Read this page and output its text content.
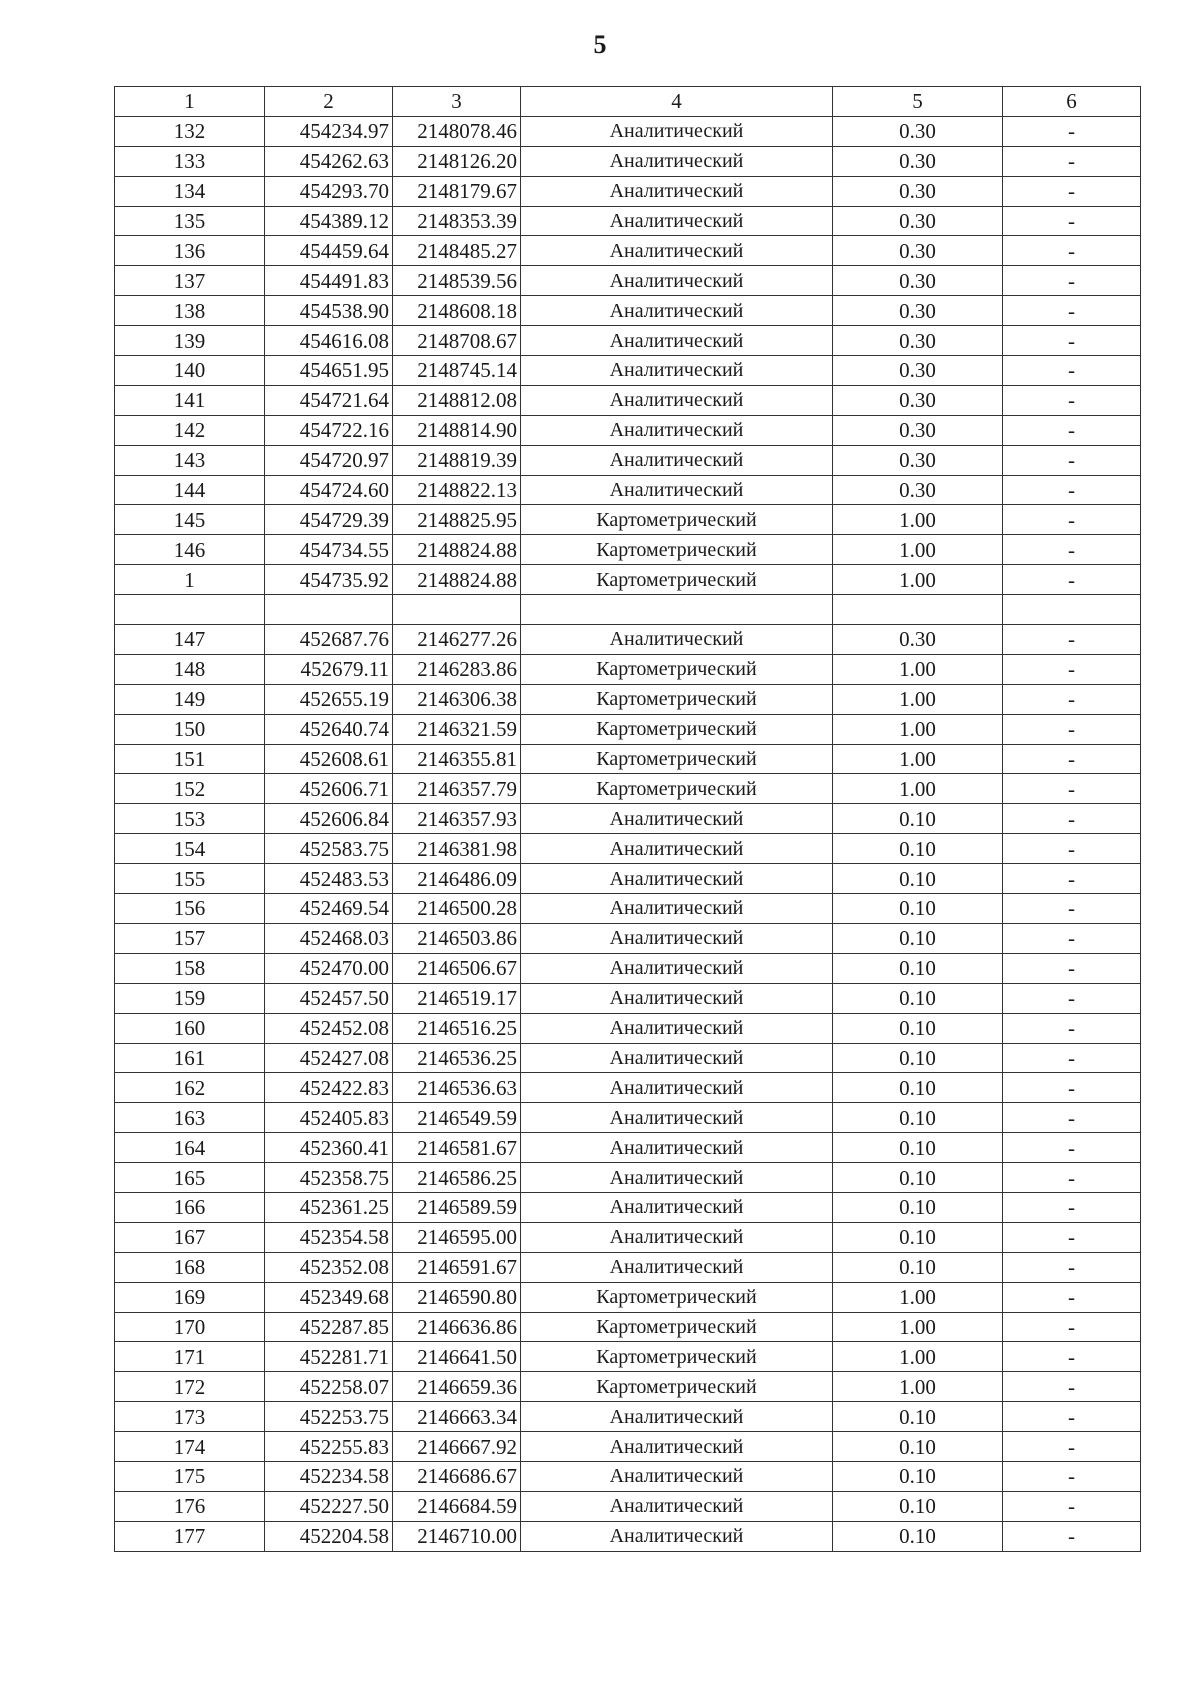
5
1	2	3	4	5	6
132	454234.97	2148078.46	Аналитический	0.30	-
133	454262.63	2148126.20	Аналитический	0.30	-
134	454293.70	2148179.67	Аналитический	0.30	-
135	454389.12	2148353.39	Аналитический	0.30	-
136	454459.64	2148485.27	Аналитический	0.30	-
137	454491.83	2148539.56	Аналитический	0.30	-
138	454538.90	2148608.18	Аналитический	0.30	-
139	454616.08	2148708.67	Аналитический	0.30	-
140	454651.95	2148745.14	Аналитический	0.30	-
141	454721.64	2148812.08	Аналитический	0.30	-
142	454722.16	2148814.90	Аналитический	0.30	-
143	454720.97	2148819.39	Аналитический	0.30	-
144	454724.60	2148822.13	Аналитический	0.30	-
145	454729.39	2148825.95	Картометрический	1.00	-
146	454734.55	2148824.88	Картометрический	1.00	-
1	454735.92	2148824.88	Картометрический	1.00	-

147	452687.76	2146277.26	Аналитический	0.30	-
148	452679.11	2146283.86	Картометрический	1.00	-
149	452655.19	2146306.38	Картометрический	1.00	-
150	452640.74	2146321.59	Картометрический	1.00	-
151	452608.61	2146355.81	Картометрический	1.00	-
152	452606.71	2146357.79	Картометрический	1.00	-
153	452606.84	2146357.93	Аналитический	0.10	-
154	452583.75	2146381.98	Аналитический	0.10	-
155	452483.53	2146486.09	Аналитический	0.10	-
156	452469.54	2146500.28	Аналитический	0.10	-
157	452468.03	2146503.86	Аналитический	0.10	-
158	452470.00	2146506.67	Аналитический	0.10	-
159	452457.50	2146519.17	Аналитический	0.10	-
160	452452.08	2146516.25	Аналитический	0.10	-
161	452427.08	2146536.25	Аналитический	0.10	-
162	452422.83	2146536.63	Аналитический	0.10	-
163	452405.83	2146549.59	Аналитический	0.10	-
164	452360.41	2146581.67	Аналитический	0.10	-
165	452358.75	2146586.25	Аналитический	0.10	-
166	452361.25	2146589.59	Аналитический	0.10	-
167	452354.58	2146595.00	Аналитический	0.10	-
168	452352.08	2146591.67	Аналитический	0.10	-
169	452349.68	2146590.80	Картометрический	1.00	-
170	452287.85	2146636.86	Картометрический	1.00	-
171	452281.71	2146641.50	Картометрический	1.00	-
172	452258.07	2146659.36	Картометрический	1.00	-
173	452253.75	2146663.34	Аналитический	0.10	-
174	452255.83	2146667.92	Аналитический	0.10	-
175	452234.58	2146686.67	Аналитический	0.10	-
176	452227.50	2146684.59	Аналитический	0.10	-
177	452204.58	2146710.00	Аналитический	0.10	-
